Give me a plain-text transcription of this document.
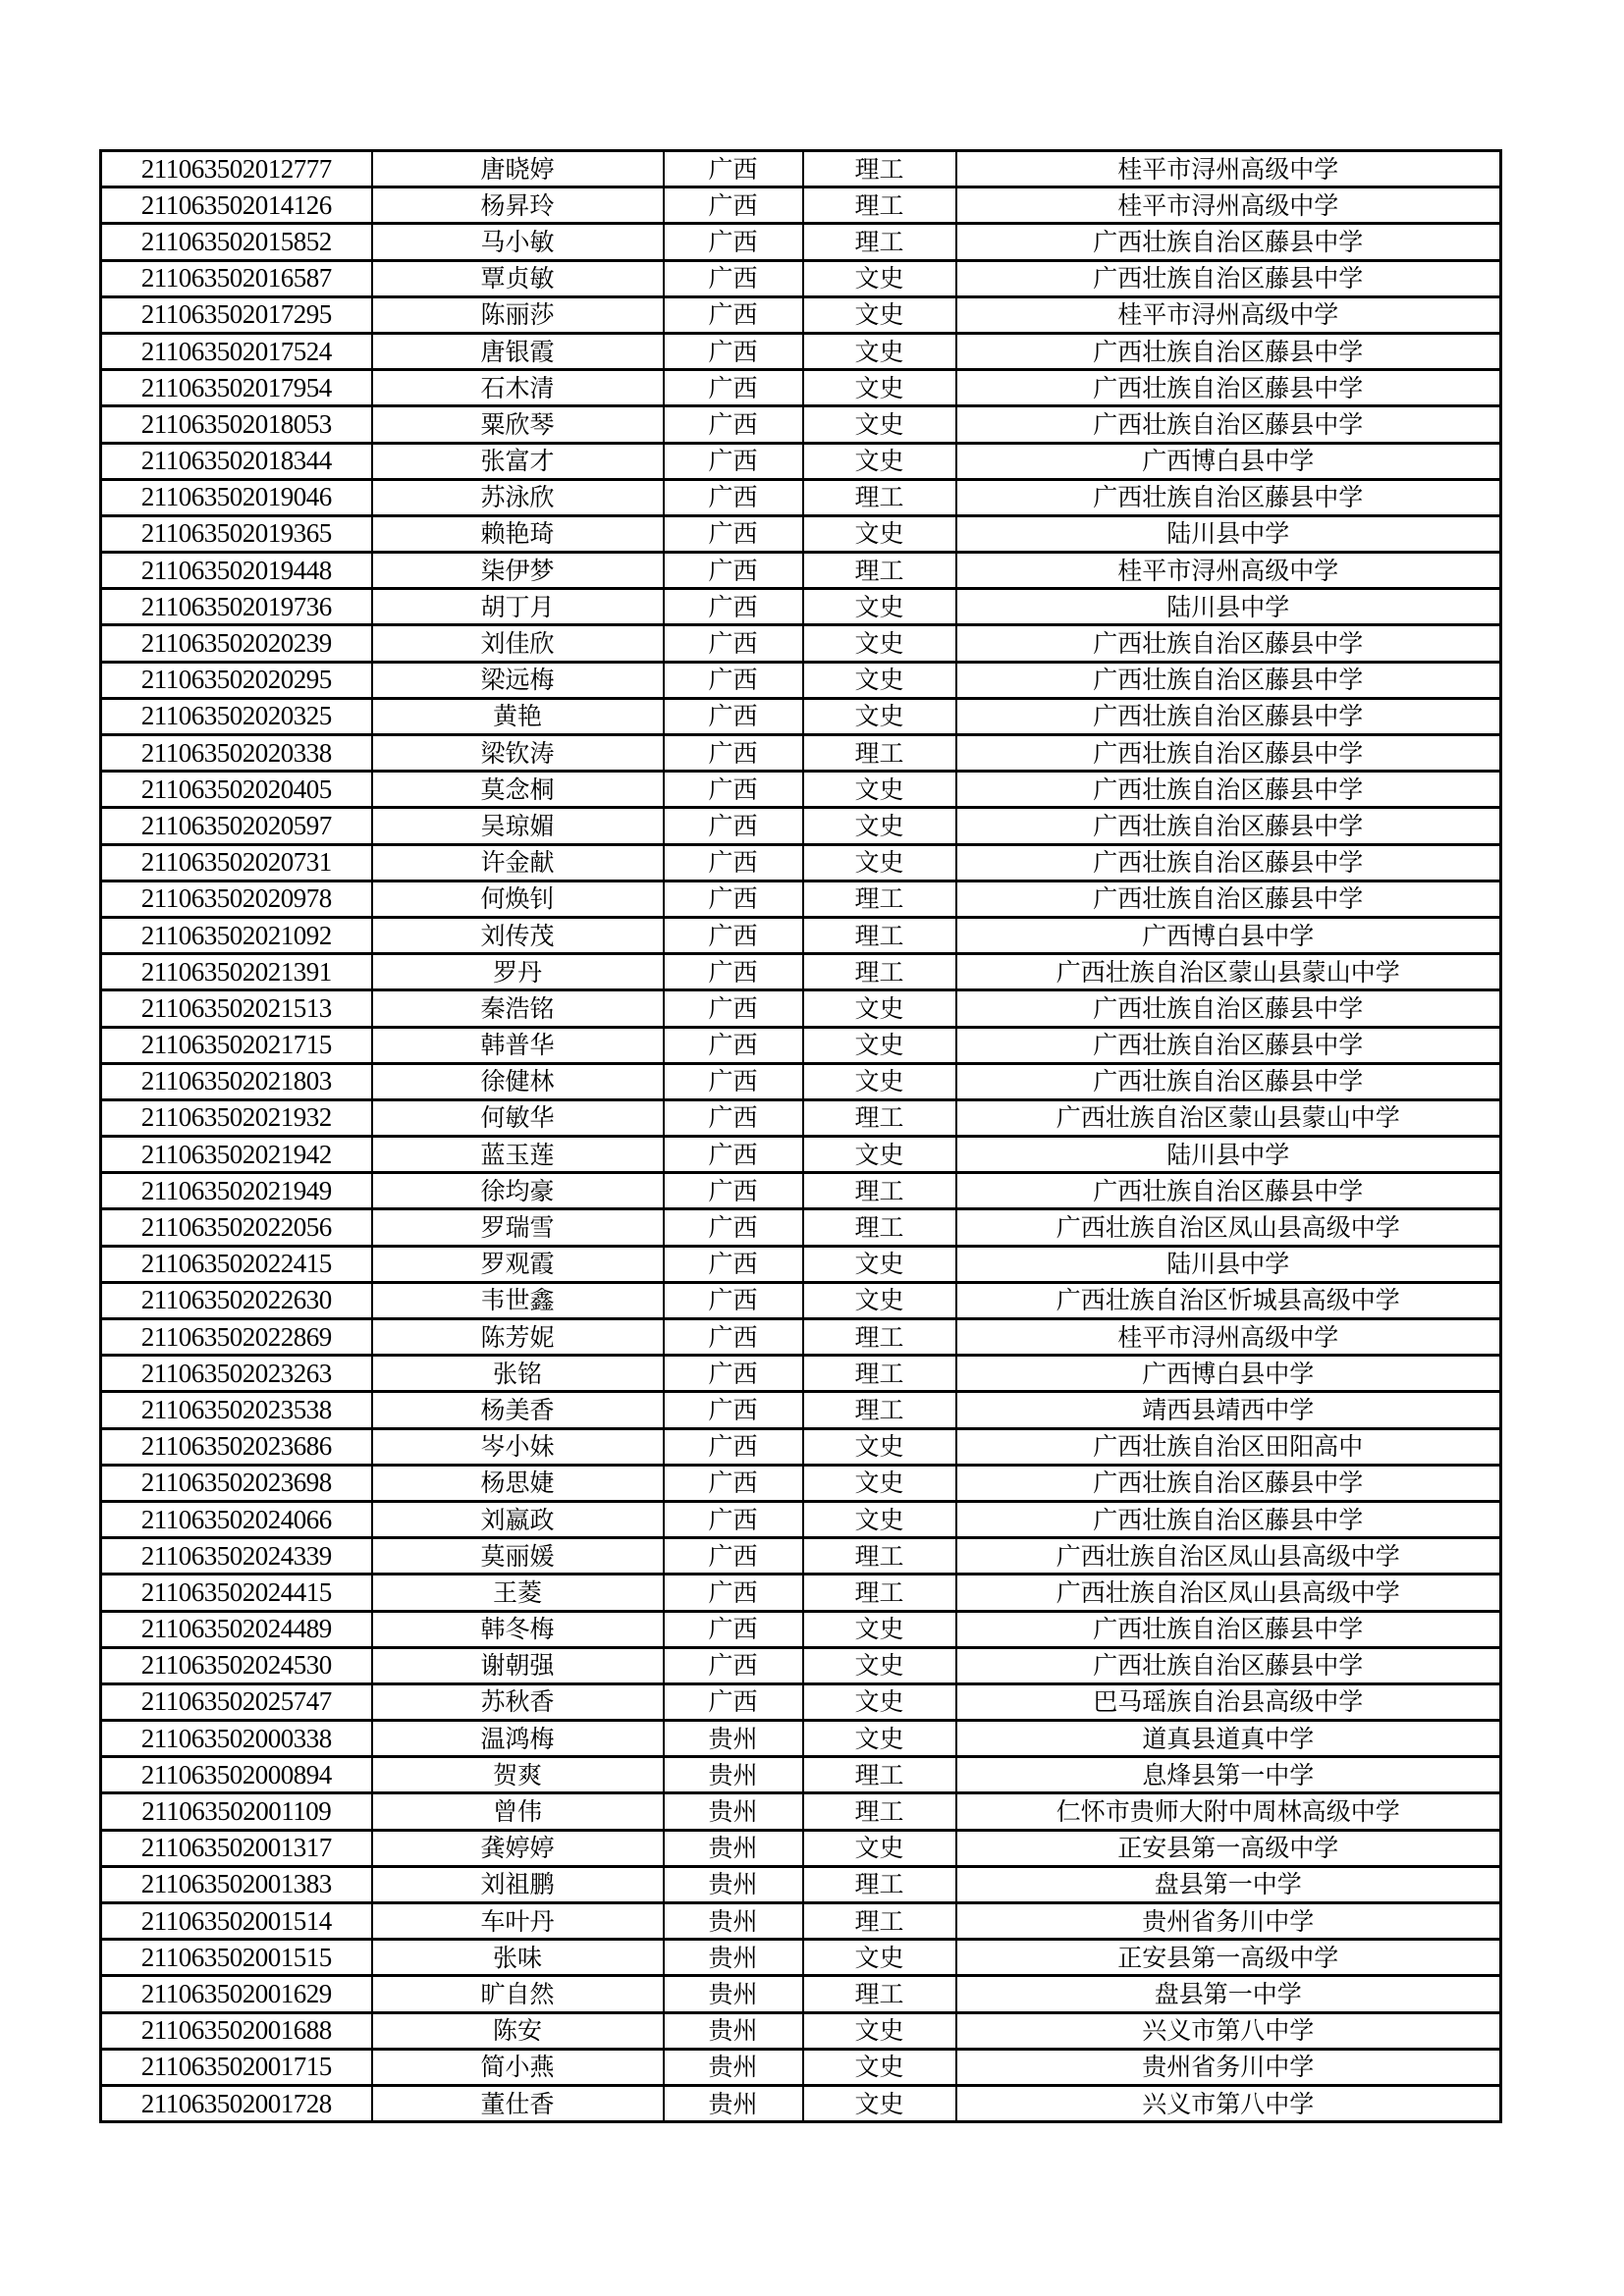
211063502012777	唐晓婷	广西	理工	桂平市浔州高级中学
211063502014126	杨昇玲	广西	理工	桂平市浔州高级中学
211063502015852	马小敏	广西	理工	广西壮族自治区藤县中学
211063502016587	覃贞敏	广西	文史	广西壮族自治区藤县中学
211063502017295	陈丽莎	广西	文史	桂平市浔州高级中学
211063502017524	唐银霞	广西	文史	广西壮族自治区藤县中学
211063502017954	石木清	广西	文史	广西壮族自治区藤县中学
211063502018053	粟欣琴	广西	文史	广西壮族自治区藤县中学
211063502018344	张富才	广西	文史	广西博白县中学
211063502019046	苏泳欣	广西	理工	广西壮族自治区藤县中学
211063502019365	赖艳琦	广西	文史	陆川县中学
211063502019448	柒伊梦	广西	理工	桂平市浔州高级中学
211063502019736	胡丁月	广西	文史	陆川县中学
211063502020239	刘佳欣	广西	文史	广西壮族自治区藤县中学
211063502020295	梁远梅	广西	文史	广西壮族自治区藤县中学
211063502020325	黄艳	广西	文史	广西壮族自治区藤县中学
211063502020338	梁钦涛	广西	理工	广西壮族自治区藤县中学
211063502020405	莫念桐	广西	文史	广西壮族自治区藤县中学
211063502020597	吴琼媚	广西	文史	广西壮族自治区藤县中学
211063502020731	许金献	广西	文史	广西壮族自治区藤县中学
211063502020978	何焕钊	广西	理工	广西壮族自治区藤县中学
211063502021092	刘传茂	广西	理工	广西博白县中学
211063502021391	罗丹	广西	理工	广西壮族自治区蒙山县蒙山中学
211063502021513	秦浩铭	广西	文史	广西壮族自治区藤县中学
211063502021715	韩普华	广西	文史	广西壮族自治区藤县中学
211063502021803	徐健林	广西	文史	广西壮族自治区藤县中学
211063502021932	何敏华	广西	理工	广西壮族自治区蒙山县蒙山中学
211063502021942	蓝玉莲	广西	文史	陆川县中学
211063502021949	徐均豪	广西	理工	广西壮族自治区藤县中学
211063502022056	罗瑞雪	广西	理工	广西壮族自治区凤山县高级中学
211063502022415	罗观霞	广西	文史	陆川县中学
211063502022630	韦世鑫	广西	文史	广西壮族自治区忻城县高级中学
211063502022869	陈芳妮	广西	理工	桂平市浔州高级中学
211063502023263	张铭	广西	理工	广西博白县中学
211063502023538	杨美香	广西	理工	靖西县靖西中学
211063502023686	岑小妹	广西	文史	广西壮族自治区田阳高中
211063502023698	杨思婕	广西	文史	广西壮族自治区藤县中学
211063502024066	刘嬴政	广西	文史	广西壮族自治区藤县中学
211063502024339	莫丽媛	广西	理工	广西壮族自治区凤山县高级中学
211063502024415	王菱	广西	理工	广西壮族自治区凤山县高级中学
211063502024489	韩冬梅	广西	文史	广西壮族自治区藤县中学
211063502024530	谢朝强	广西	文史	广西壮族自治区藤县中学
211063502025747	苏秋香	广西	文史	巴马瑶族自治县高级中学
211063502000338	温鸿梅	贵州	文史	道真县道真中学
211063502000894	贺爽	贵州	理工	息烽县第一中学
211063502001109	曾伟	贵州	理工	仁怀市贵师大附中周林高级中学
211063502001317	龚婷婷	贵州	文史	正安县第一高级中学
211063502001383	刘祖鹏	贵州	理工	盘县第一中学
211063502001514	车叶丹	贵州	理工	贵州省务川中学
211063502001515	张味	贵州	文史	正安县第一高级中学
211063502001629	旷自然	贵州	理工	盘县第一中学
211063502001688	陈安	贵州	文史	兴义市第八中学
211063502001715	简小燕	贵州	文史	贵州省务川中学
211063502001728	董仕香	贵州	文史	兴义市第八中学
